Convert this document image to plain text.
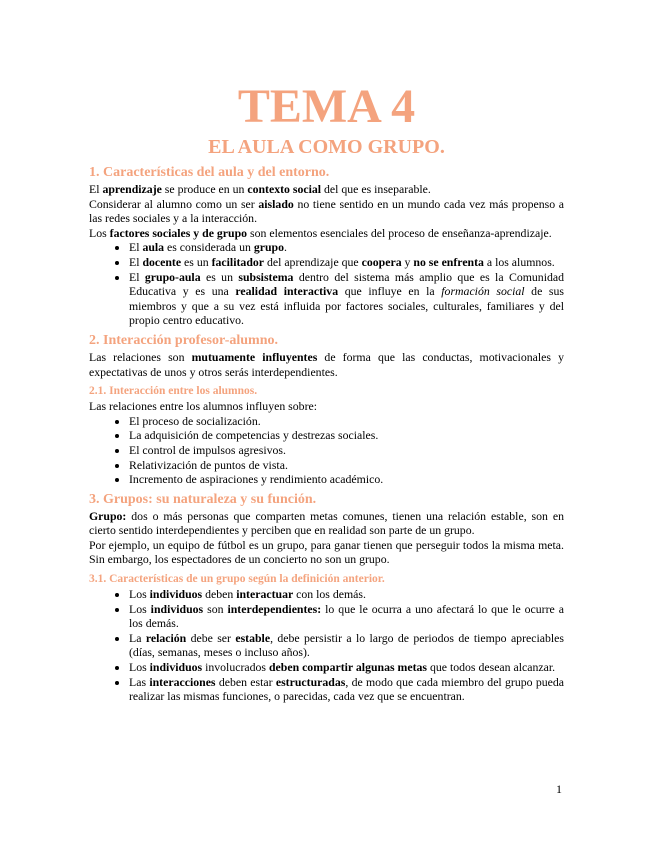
TEMA 4
EL AULA COMO GRUPO.
1. Características del aula y del entorno.

El aprendizaje se produce en un contexto social del que es inseparable.

Considerar al alumno como un ser aislado no tiene sentido en un mundo cada vez más propenso a las redes sociales y a la interacción.

Los factores sociales y de grupo son elementos esenciales del proceso de enseñanza-aprendizaje.

• El aula es considerada un grupo.
• El docente es un facilitador del aprendizaje que coopera y no se enfrenta a los alumnos.
• El grupo-aula es un subsistema dentro del sistema más amplio que es la Comunidad Educativa y es una realidad interactiva que influye en la formación social de sus miembros y que a su vez está influida por factores sociales, culturales, familiares y del propio centro educativo.
2. Interacción profesor-alumno.

Las relaciones son mutuamente influyentes de forma que las conductas, motivacionales y expectativas de unos y otros serás interdependientes.

2.1. Interacción entre los alumnos.

Las relaciones entre los alumnos influyen sobre:

• El proceso de socialización.
• La adquisición de competencias y destrezas sociales.
• El control de impulsos agresivos.
• Relativización de puntos de vista.
• Incremento de aspiraciones y rendimiento académico.
3. Grupos: su naturaleza y su función.

Grupo: dos o más personas que comparten metas comunes, tienen una relación estable, son en cierto sentido interdependientes y perciben que en realidad son parte de un grupo.

Por ejemplo, un equipo de fútbol es un grupo, para ganar tienen que perseguir todos la misma meta. Sin embargo, los espectadores de un concierto no son un grupo.

3.1. Características de un grupo según la definición anterior.
• Los individuos deben interactuar con los demás.
• Los individuos son interdependientes: lo que le ocurra a uno afectará lo que le ocurre a los demás.
• La relación debe ser estable, debe persistir a lo largo de periodos de tiempo apreciables (días, semanas, meses o incluso años).
• Los individuos involucrados deben compartir algunas metas que todos desean alcanzar.
• Las interacciones deben estar estructuradas, de modo que cada miembro del grupo pueda realizar las mismas funciones, o parecidas, cada vez que se encuentran.
1
